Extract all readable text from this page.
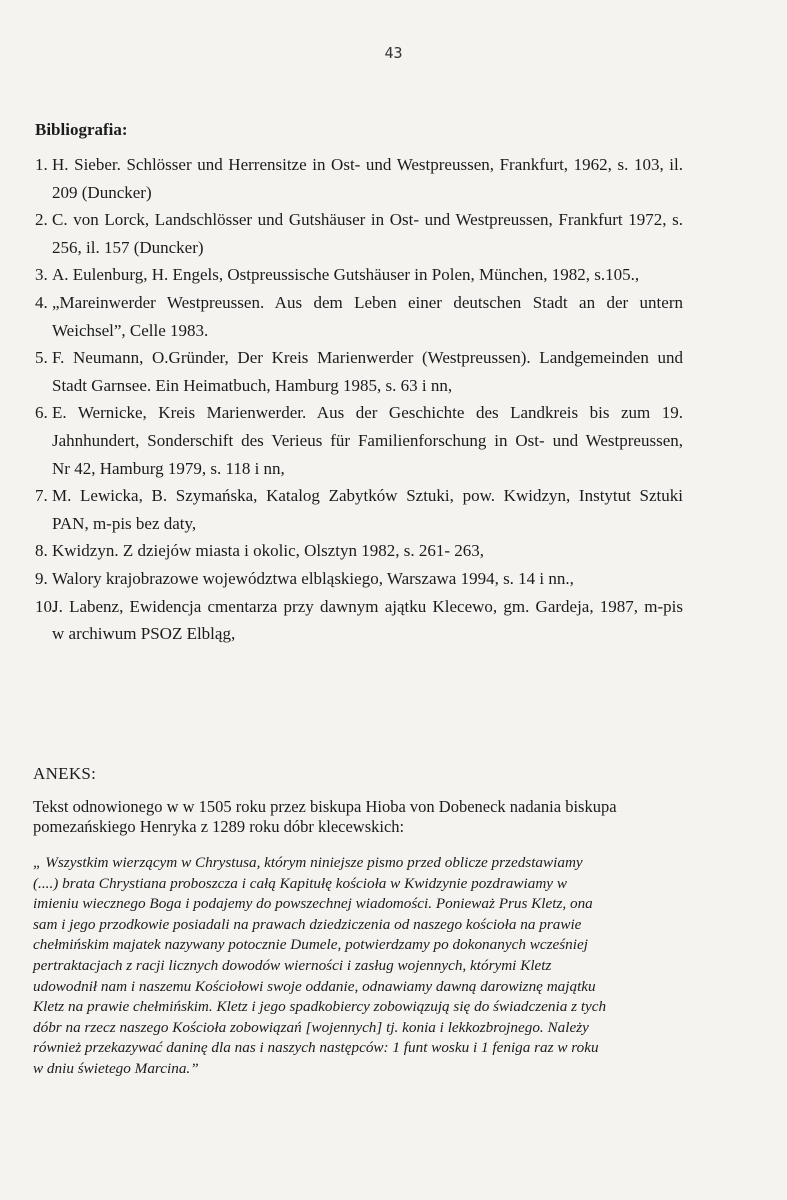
43
Bibliografia:
1. H. Sieber. Schlösser und Herrensitze in Ost- und Westpreussen, Frankfurt, 1962, s. 103, il.
209 (Duncker)
2. C. von Lorck, Landschlösser und Gutshäuser in Ost- und Westpreussen, Frankfurt 1972, s.
256, il. 157 (Duncker)
3. A. Eulenburg, H. Engels, Ostpreussische Gutshäuser in Polen, München, 1982, s.105.,
4. „Mareinwerder Westpreussen. Aus dem Leben einer deutschen Stadt an der untern
Weichsel”, Celle 1983.
5. F. Neumann, O.Gründer, Der Kreis Marienwerder (Westpreussen). Landgemeinden und
Stadt Garnsee. Ein Heimatbuch, Hamburg 1985, s. 63 i nn,
6. E. Wernicke, Kreis Marienwerder. Aus der Geschichte des Landkreis bis zum 19.
Jahnhundert, Sonderschift des Verieus für Familienforschung in Ost- und Westpreussen,
Nr 42, Hamburg 1979, s. 118 i nn,
7. M. Lewicka, B. Szymańska, Katalog Zabytków Sztuki, pow. Kwidzyn, Instytut Sztuki
PAN, m-pis bez daty,
8. Kwidzyn. Z dziejów miasta i okolic, Olsztyn 1982, s. 261- 263,
9. Walory krajobrazowe województwa elbląskiego, Warszawa 1994, s. 14 i nn.,
10.
J. Labenz, Ewidencja cmentarza przy dawnym ajątku Klecewo, gm. Gardeja, 1987, m-pis
w archiwum PSOZ Elbląg,
ANEKS:
Tekst odnowionego w w 1505 roku przez biskupa Hioba von Dobeneck nadania biskupa
pomezańskiego Henryka z 1289 roku dóbr klecewskich:
„ Wszystkim wierzącym w Chrystusa, którym niniejsze pismo przed oblicze przedstawiamy
(....) brata Chrystiana proboszcza i całą Kapitułę kościoła w Kwidzynie pozdrawiamy w
imieniu wiecznego Boga i podajemy do powszechnej wiadomości. Ponieważ Prus Kletz, ona
sam i jego przodkowie posiadali na prawach dziedziczenia od naszego kościoła na prawie
chełmińskim majatek nazywany potocznie Dumele, potwierdzamy po dokonanych wcześniej
pertraktacjach z racji licznych dowodów wierności i zasług wojennych, którymi Kletz
udowodnił nam i naszemu Kościołowi swoje oddanie, odnawiamy dawną darowiznę majątku
Kletz na prawie chełmińskim. Kletz i jego spadkobiercy zobowiązują się do świadczenia z tych
dóbr na rzecz naszego Kościoła zobowiązań [wojennych] tj. konia i lekkozbrojnego. Należy
również przekazywać daninę dla nas i naszych następców: 1 funt wosku i 1 feniga raz w roku
w dniu świetego Marcina.”
